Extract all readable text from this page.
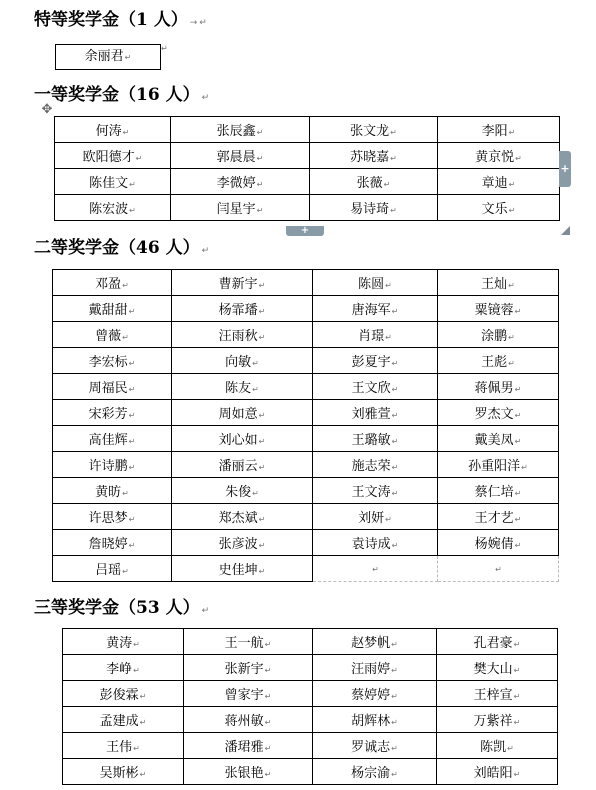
特等奖学金（1 人） → ↵
余丽君↵
↵
一等奖学金（16 人） ↵
✥
何涛↵	张辰鑫↵	张文龙↵	李阳↵
欧阳德才↵	郭晨晨↵	苏晓嘉↵	黄京悦↵
陈佳文↵	李微婷↵	张薇↵	章迪↵
陈宏波↵	闫星宇↵	易诗琦↵	文乐↵
+
+
二等奖学金（46 人） ↵
邓盈↵	曹新宇↵	陈圆↵	王灿↵
戴甜甜↵	杨霏璠↵	唐海军↵	粟镜蓉↵
曾薇↵	汪雨秋↵	肖璟↵	涂鹏↵
李宏标↵	向敏↵	彭夏宇↵	王彪↵
周福民↵	陈友↵	王文欣↵	蒋佩男↵
宋彩芳↵	周如意↵	刘雅萱↵	罗杰文↵
高佳辉↵	刘心如↵	王璐敏↵	戴美凤↵
许诗鹏↵	潘丽云↵	施志荣↵	孙重阳洋↵
黄昉↵	朱俊↵	王文涛↵	蔡仁培↵
许思梦↵	郑杰斌↵	刘妍↵	王才艺↵
詹晓婷↵	张彦波↵	袁诗成↵	杨婉倩↵
吕瑶↵	史佳坤↵	↵	↵
三等奖学金（53 人） ↵
黄涛↵	王一航↵	赵梦帆↵	孔君豪↵
李峥↵	张新宇↵	汪雨婷↵	樊大山↵
彭俊霖↵	曾家宇↵	蔡婷婷↵	王梓宣↵
孟建成↵	蒋州敏↵	胡辉林↵	万紫祥↵
王伟↵	潘珺雅↵	罗诚志↵	陈凯↵
吴斯彬↵	张银艳↵	杨宗渝↵	刘皓阳↵
